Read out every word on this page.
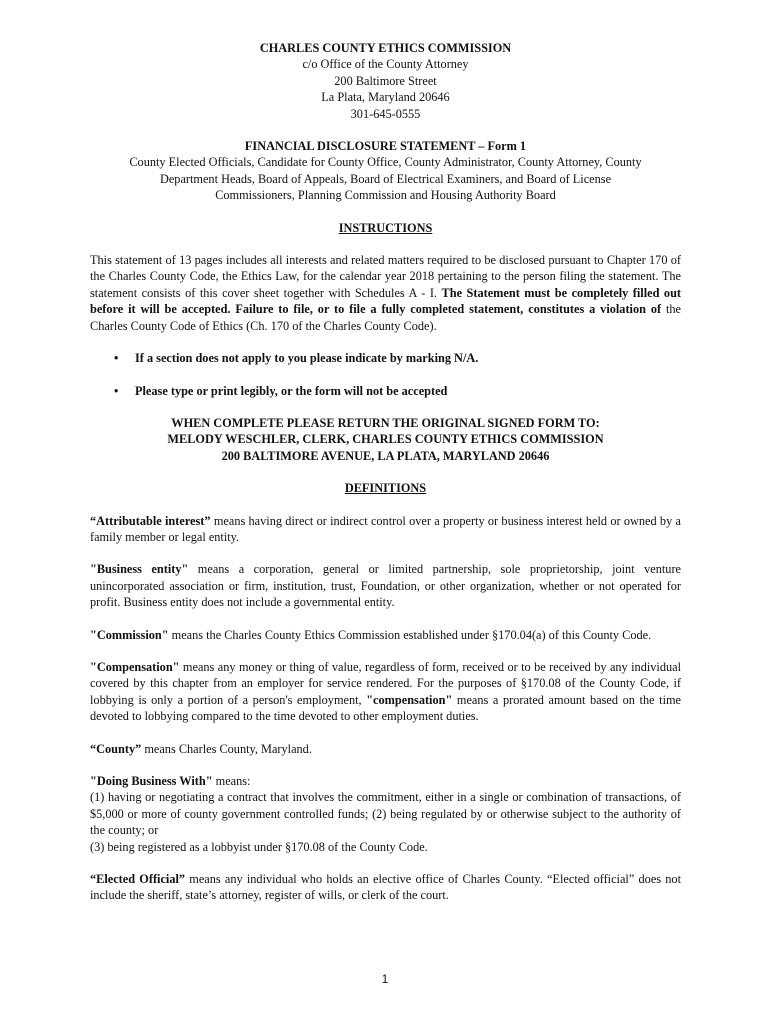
CHARLES COUNTY ETHICS COMMISSION
c/o Office of the County Attorney
200 Baltimore Street
La Plata, Maryland 20646
301-645-0555
FINANCIAL DISCLOSURE STATEMENT – Form 1
County Elected Officials, Candidate for County Office, County Administrator, County Attorney, County
Department Heads, Board of Appeals, Board of Electrical Examiners, and Board of License
Commissioners, Planning Commission and Housing Authority Board
INSTRUCTIONS

This statement of 13 pages includes all interests and related matters required to be disclosed pursuant to Chapter 170 of the Charles County Code, the Ethics Law, for the calendar year 2018 pertaining to the person filing the statement. The statement consists of this cover sheet together with Schedules A - I. The Statement must be completely filled out before it will be accepted. Failure to file, or to file a fully completed statement, constitutes a violation of the Charles County Code of Ethics (Ch. 170 of the Charles County Code).

• If a section does not apply to you please indicate by marking N/A.
• Please type or print legibly, or the form will not be accepted
WHEN COMPLETE PLEASE RETURN THE ORIGINAL SIGNED FORM TO:
MELODY WESCHLER, CLERK, CHARLES COUNTY ETHICS COMMISSION
200 BALTIMORE AVENUE, LA PLATA, MARYLAND 20646
DEFINITIONS

“Attributable interest” means having direct or indirect control over a property or business interest held or owned by a family member or legal entity.

"Business entity" means a corporation, general or limited partnership, sole proprietorship, joint venture unincorporated association or firm, institution, trust, Foundation, or other organization, whether or not operated for profit. Business entity does not include a governmental entity.

"Commission" means the Charles County Ethics Commission established under §170.04(a) of this County Code.

"Compensation" means any money or thing of value, regardless of form, received or to be received by any individual covered by this chapter from an employer for service rendered. For the purposes of §170.08 of the County Code, if lobbying is only a portion of a person's employment, "compensation" means a prorated amount based on the time devoted to lobbying compared to the time devoted to other employment duties.

“County” means Charles County, Maryland.

"Doing Business With" means:

(1) having or negotiating a contract that involves the commitment, either in a single or combination of transactions, of $5,000 or more of county government controlled funds; (2) being regulated by or otherwise subject to the authority of the county; or

(3) being registered as a lobbyist under §170.08 of the County Code.

“Elected Official” means any individual who holds an elective office of Charles County. “Elected official” does not include the sheriff, state’s attorney, register of wills, or clerk of the court.

1
